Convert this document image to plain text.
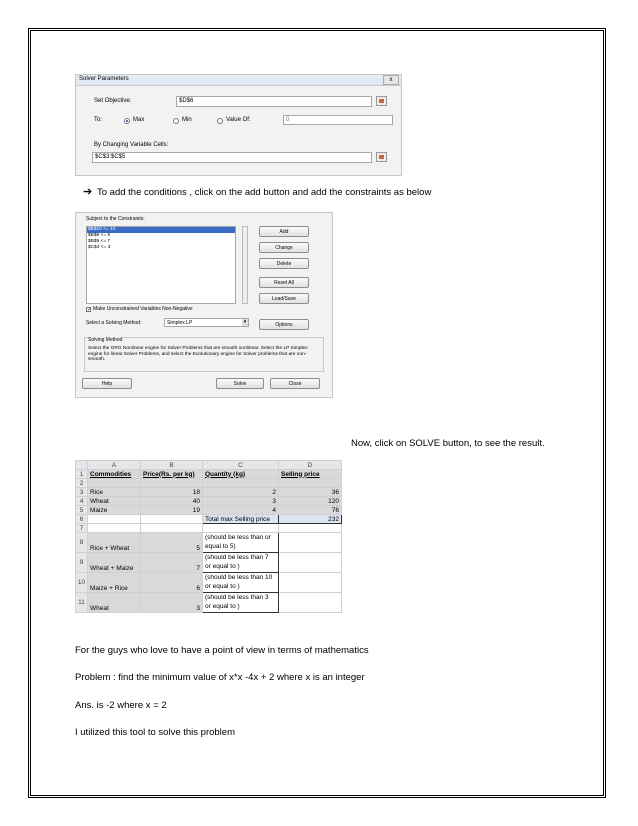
Solver Parameters	x
Set Objective:	$D$6
To:	Max	Min	Value Of:	0
By Changing Variable Cells:
$C$3:$C$5
➔ To add the conditions , click on the add button and add the constraints as below
Subject to the Constraints:
$B$10 <= 10
$B$8 <= 5
$B$9 <= 7
$C$4 <= 3
Add
Change
Delete
Reset All
Load/Save
✓ Make Unconstrained Variables Non-Negative
Select a Solving Method:	Simplex LP	▾	Options
Solving Method
Select the GRG Nonlinear engine for Solver Problems that are smooth nonlinear. Select the LP Simplex engine for linear Solver Problems, and select the Evolutionary engine for Solver problems that are non-smooth.
Help	Solve	Close
Now, click on SOLVE button, to see the result.
	A	B	C	D
1	Commodities	Price(Rs. per kg)	Quantity (kg)	Selling price
2				
3	Rice	18	2	36
4	Wheat	40	3	120
5	Maize	19	4	76
6			Total max Selling price	232
7				
8	Rice + Wheat	5	(should be less than or equal to 5)	
9	Wheat + Maize	7	(should be less than 7 or equal to )	
10	Maize + Rice	6	(should be less than 10 or equal to )	
11	Wheat	3	(should be less than 3 or equal to )	
For the guys who love to have a point of view in terms of mathematics
Problem : find the minimum value of x*x -4x + 2 where x is an integer
Ans. is -2 where x = 2
I utilized this tool to solve this problem
